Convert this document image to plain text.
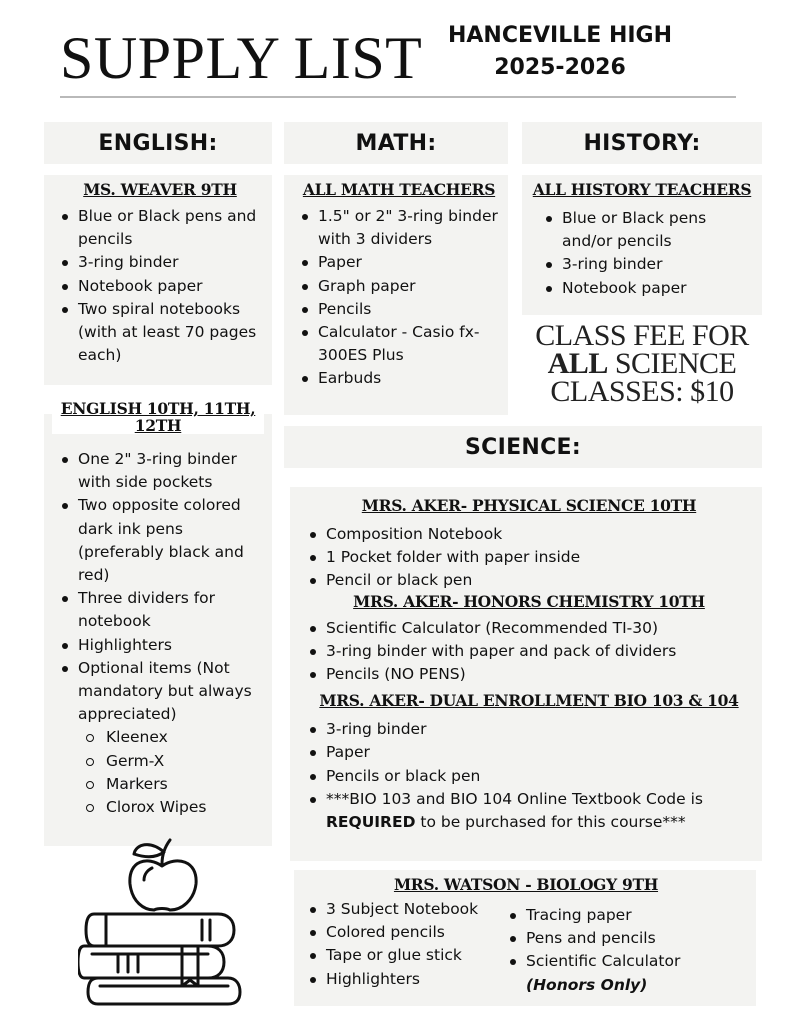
SUPPLY LIST	HANCEVILLE HIGH
2025-2026
ENGLISH:	MATH:	HISTORY:
MS. WEAVER 9TH
Blue or Black pens and pencils
3-ring binder
Notebook paper
Two spiral notebooks (with at least 70 pages each)
ENGLISH 10TH, 11TH, 12TH
One 2" 3-ring binder with side pockets
Two opposite colored dark ink pens (preferably black and red)
Three dividers for notebook
Highlighters
Optional items (Not mandatory but always appreciated)
Kleenex
Germ-X
Markers
Clorox Wipes
ALL MATH TEACHERS
1.5" or 2" 3-ring binder with 3 dividers
Paper
Graph paper
Pencils
Calculator - Casio fx-300ES Plus
Earbuds
ALL HISTORY TEACHERS
Blue or Black pens and/or pencils
3-ring binder
Notebook paper
CLASS FEE FOR
ALL SCIENCE
CLASSES: $10
SCIENCE:
MRS. AKER- PHYSICAL SCIENCE 10TH
Composition Notebook
1 Pocket folder with paper inside
Pencil or black pen
MRS. AKER- HONORS CHEMISTRY 10TH
Scientific Calculator (Recommended TI-30)
3-ring binder with paper and pack of dividers
Pencils (NO PENS)
MRS. AKER- DUAL ENROLLMENT BIO 103 & 104
3-ring binder
Paper
Pencils or black pen
***BIO 103 and BIO 104 Online Textbook Code is REQUIRED to be purchased for this course***
MRS. WATSON - BIOLOGY 9TH
3 Subject Notebook
Colored pencils
Tape or glue stick
Highlighters
Tracing paper
Pens and pencils
Scientific Calculator
(Honors Only)
